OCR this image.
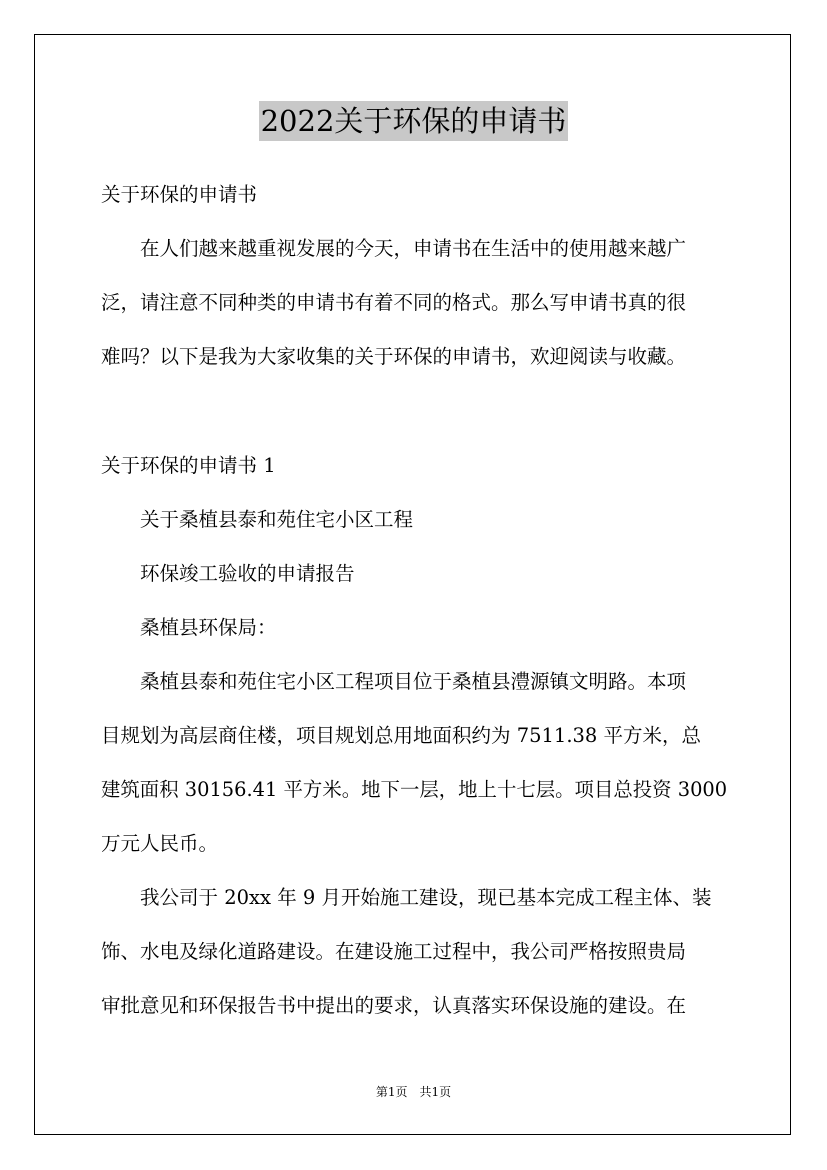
2022关于环保的申请书
关于环保的申请书
　　在人们越来越重视发展的今天，申请书在生活中的使用越来越广
泛，请注意不同种类的申请书有着不同的格式。那么写申请书真的很
难吗？以下是我为大家收集的关于环保的申请书，欢迎阅读与收藏。
关于环保的申请书 1
　　关于桑植县泰和苑住宅小区工程
　　环保竣工验收的申请报告
　　桑植县环保局：
　　桑植县泰和苑住宅小区工程项目位于桑植县澧源镇文明路。本项
目规划为高层商住楼，项目规划总用地面积约为 7511.38 平方米，总
建筑面积 30156.41 平方米。地下一层，地上十七层。项目总投资 3000
万元人民币。
　　我公司于 20xx 年 9 月开始施工建设，现已基本完成工程主体、装
饰、水电及绿化道路建设。在建设施工过程中，我公司严格按照贵局
审批意见和环保报告书中提出的要求，认真落实环保设施的建设。在
第1页　共1页
